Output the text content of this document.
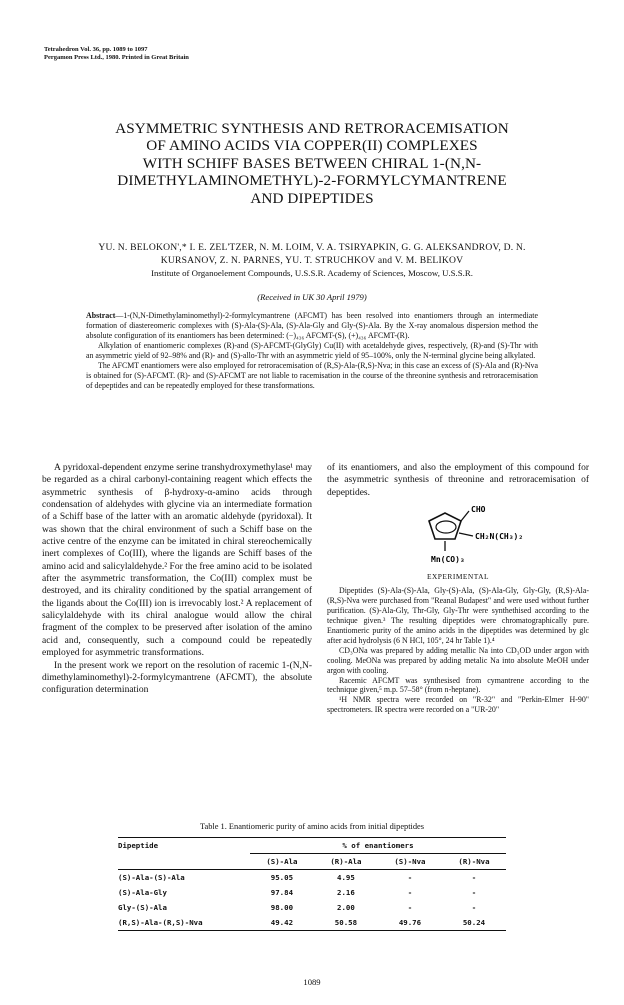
Tetrahedron Vol. 36, pp. 1089 to 1097
Pergamon Press Ltd., 1980. Printed in Great Britain
ASYMMETRIC SYNTHESIS AND RETRORACEMISATION
OF AMINO ACIDS VIA COPPER(II) COMPLEXES
WITH SCHIFF BASES BETWEEN CHIRAL 1-(N,N-
DIMETHYLAMINOMETHYL)-2-FORMYLCYMANTRENE
AND DIPEPTIDES
YU. N. BELOKON',* I. E. ZEL'TZER, N. M. LOIM, V. A. TSIRYAPKIN, G. G. ALEKSANDROV, D. N.
KURSANOV, Z. N. PARNES, YU. T. STRUCHKOV and V. M. BELIKOV
Institute of Organoelement Compounds, U.S.S.R. Academy of Sciences, Moscow, U.S.S.R.
(Received in UK 30 April 1979)

Abstract—1-(N,N-Dimethylaminomethyl)-2-formylcymantrene (AFCMT) has been resolved into enantiomers through an intermediate formation of diastereomeric complexes with (S)-Ala-(S)-Ala, (S)-Ala-Gly and Gly-(S)-Ala. By the X-ray anomalous dispersion method the absolute configuration of its enantiomers has been determined: (−)₄₃₆ AFCMT-(S), (+)₄₃₆ AFCMT-(R).

Alkylation of enantiomeric complexes (R)-and (S)-AFCMT-(GlyGly) Cu(II) with acetaldehyde gives, respectively, (R)-and (S)-Thr with an asymmetric yield of 92–98% and (R)- and (S)-allo-Thr with an asymmetric yield of 95–100%, only the N-terminal glycine being alkylated.

The AFCMT enantiomers were also employed for retroracemisation of (R,S)-Ala-(R,S)-Nva; in this case an excess of (S)-Ala and (R)-Nva is obtained for (S)-AFCMT. (R)- and (S)-AFCMT are not liable to racemisation in the course of the threonine synthesis and retroracemisation of depeptides and can be repeatedly employed for these transformations.

A pyridoxal-dependent enzyme serine transhydroxymethylase¹ may be regarded as a chiral carbonyl-containing reagent which effects the asymmetric synthesis of β-hydroxy-α-amino acids through condensation of aldehydes with glycine via an intermediate formation of a Schiff base of the latter with an aromatic aldehyde (pyridoxal). It was shown that the chiral environment of such a Schiff base on the active centre of the enzyme can be imitated in chiral stereochemically inert complexes of Co(III), where the ligands are Schiff bases of the amino acid and salicylaldehyde.² For the free amino acid to be isolated after the asymmetric transformation, the Co(III) complex must be destroyed, and its chirality conditioned by the spatial arrangement of the ligands about the Co(III) ion is irrevocably lost.² A replacement of salicylaldehyde with its chiral analogue would allow the chiral fragment of the complex to be preserved after isolation of the amino acid and, consequently, such a compound could be repeatedly employed for asymmetric transformations.

In the present work we report on the resolution of racemic 1-(N,N-dimethylaminomethyl)-2-formylcymantrene (AFCMT), the absolute configuration determination

of its enantiomers, and also the employment of this compound for the asymmetric synthesis of threonine and retroracemisation of depeptides.

CHO
CH₂N(CH₃)₂
Mn(CO)₃
EXPERIMENTAL

Dipeptides (S)-Ala-(S)-Ala, Gly-(S)-Ala, (S)-Ala-Gly, Gly-Gly, (R,S)-Ala-(R,S)-Nva were purchased from "Reanal Budapest" and were used without further purification. (S)-Ala-Gly, Thr-Gly, Gly-Thr were synthethised according to the technique given.³ The resulting dipeptides were chromatographically pure. Enantiomeric purity of the amino acids in the dipeptides was determined by glc after acid hydrolysis (6 N HCl, 105°, 24 hr Table 1).⁴

CD₃ONa was prepared by adding metallic Na into CD₃OD under argon with cooling. MeONa was prepared by adding metalic Na into absolute MeOH under argon with cooling.

Racemic AFCMT was synthesised from cymantrene according to the technique given,⁵ m.p. 57–58° (from n-heptane).

¹H NMR spectra were recorded on "R-32" and "Perkin-Elmer H-90" spectrometers. IR spectra were recorded on a "UR-20"

Table 1. Enantiomeric purity of amino acids from initial dipeptides
Dipeptide	% of enantiomers			
	(S)-Ala	(R)-Ala	(S)-Nva	(R)-Nva
(S)-Ala-(S)-Ala	95.05	4.95	-	-
(S)-Ala-Gly	97.84	2.16	-	-
Gly-(S)-Ala	98.00	2.00	-	-
(R,S)-Ala-(R,S)-Nva	49.42	50.58	49.76	50.24
1089
